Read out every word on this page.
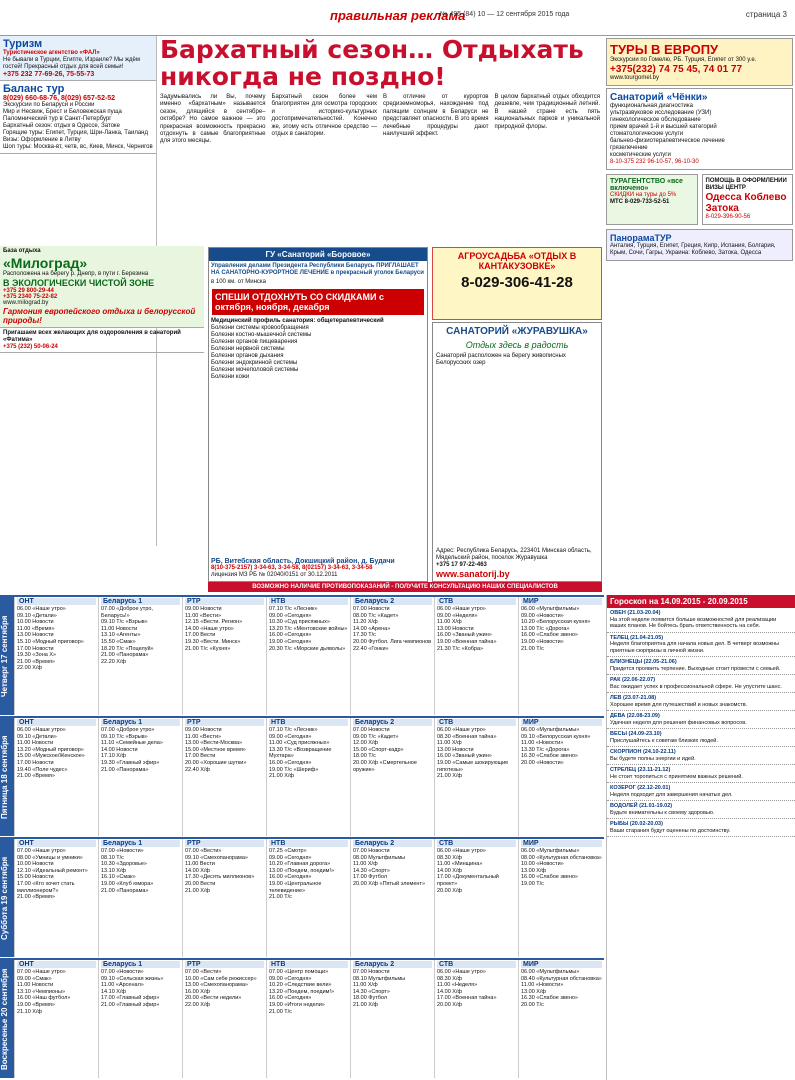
правильная реклама
№ 495 (84) 10 — 12 сентября 2015 года	страница 3
Туризм
Туристическое агентство «ФАЛ»
Не бывали в Турции, Египте, Израиле? Мы ждём гостей! Прекрасный отдых для всей семьи!
+375 232 77-69-26, 75-55-73
Баланс тур
8(029) 660-68-76, 8(029) 657-52-52
Экскурсии по Беларуси и России
Мир и Несвиж, Брест и Беловежская пуща
Паломнический тур в Санкт-Петербург
Бархатный сезон: отдых в Одессе, Затоке
Горящие туры: Египет, Турция, Шри-Ланка, Таиланд
Визы: Оформление в Литву
Шоп туры: Москва-вт, четв, вс, Киев, Минск, Чернигов
Бархатный сезон… Отдыхать никогда не поздно!

Задумывались ли Вы, почему именно «бархатным» называется сезон, длящийся в сентябре–октябре? Но самое важное — это прекрасная возможность прекрасно отдохнуть в самые благоприятные для этого месяцы.

Бархатный сезон более чем благоприятен для осмотра городских и историко-культурных достопримечательностей. Конечно же, этому есть отличное средство — отдых в санатории.

В отличие от курортов средиземноморья, нахождение под палящим солнцем в Беларуси не представляет опасности. В это время лечебные процедуры дают наилучший эффект.

В целом бархатный отдых обходится дешевле, чем традиционный летний. В нашей стране есть пять национальных парков и уникальной природной флоры.

ТУРЫ В ЕВРОПУ
Экскурсии по Гомелю, РБ. Турция, Египет от 300 у.е.
+375(232) 74 75 45, 74 01 77
www.tourgomel.by
Санаторий «Чёнки»
функциональная диагностика
ультразвуковое исследование (УЗИ)
гинекологическое обследование
прием врачей 1-й и высшей категорий
стоматологические услуги
бальнео-физиотерапевтическое лечение
грязелечение
косметические услуги
8-10-375 232 96-10-57, 96-10-30
ТУРАГЕНТСТВО «все включено»
СКИДКИ на туры до 5%
МТС 8-029-733-52-51
ПОМОЩЬ В ОФОРМЛЕНИИ ВИЗЫ ЦЕНТР
Одесса Коблево Затока
8-029-396-90-56
ПанорамаТУР
Анталия, Турция, Египет, Греция, Кипр, Испания, Болгария, Крым, Сочи, Гагры, Украина: Коблево, Затока, Одесса
База отдыха
«Милоград»
Расположена на берегу р. Днепр, в пути г. Березина
В ЭКОЛОГИЧЕСКИ ЧИСТОЙ ЗОНЕ
+375 29 800-29-44
+375 2340 75-22-82
www.milograd.by
Гармония европейского отдыха и белорусской природы!
Пригашаем всех желающих для оздоровления в санаторий «Фатима»
+375 (232) 50-06-24
ГУ «Санаторий «Боровое»
Управления делами Президента Республики Беларусь ПРИГЛАШАЕТ НА САНАТОРНО-КУРОРТНОЕ ЛЕЧЕНИЕ в прекрасный уголок Беларуси
в 100 км. от Минска
СПЕШИ ОТДОХНУТЬ СО СКИДКАМИ с октября, ноября, декабря
Медицинский профиль санатория: общетерапевтический
Болезни системы кровообращения
Болезни костно-мышечной системы
Болезни органов пищеварения
Болезни нервной системы
Болезни органов дыхания
Болезни эндокринной системы
Болезни мочеполовой системы
Болезни кожи
РБ, Витебская область, Докшицкий район, д. Будачи
8(10-375-2157) 3-34-63, 3-34-58, 8(02157) 3-34-63, 3-34-58
лицензия МЗ РБ № 02040/0151 от 30.12.2011
АГРОУСАДЬБА «ОТДЫХ В КАНТАКУЗОВКЕ»
8-029-306-41-28
САНАТОРИЙ «ЖУРАВУШКА»
Отдых здесь в радость
Санаторий расположен на берегу живописных Белорусских озер
Адрес: Республика Беларусь, 223401 Минская область, Мядельский район, поселок Журавушка
+375 17 97-22-463
www.sanatorij.by
ВОЗМОЖНО НАЛИЧИЕ ПРОТИВОПОКАЗАНИЙ - ПОЛУЧИТЕ КОНСУЛЬТАЦИЮ НАШИХ СПЕЦИАЛИСТОВ
Четверг 17 сентября
ОНТ
06.00 «Наше утро»
09.10 «Детали»
10.00 Новости
11.00 «Время»
13.00 Новости
15.10 «Модный приговор»
17.00 Новости
19.30 «Зона X»
21.00 «Время»
22.00 Х/ф
Беларусь 1
07.00 «Доброе утро, Беларусь!»
09.10 Т/с «Взрыв»
11.00 Новости
13.10 «Агенты»
15.50 «Смак»
18.20 Т/с «Поцелуй»
21.00 «Панорама»
22.20 Х/ф
РТР
09.00 Новости
11.00 «Вести»
12.15 «Вести. Регион»
14.00 «Наше утро»
17.00 Вести
19.30 «Вести. Минск»
21.00 Т/с «Кухня»
НТВ
07.10 Т/с «Лесник»
09.00 «Сегодня»
10.30 «Суд присяжных»
13.20 Т/с «Ментовские войны»
16.00 «Сегодня»
19.00 «Сегодня»
20.30 Т/с «Морские дьяволы»
Беларусь 2
07.00 Новости
08.00 Т/с «Кадет»
11.20 Х/ф
14.00 «Арена»
17.30 Т/с
20.00 Футбол. Лига чемпионов
22.40 «Гонки»
СТВ
06.00 «Наше утро»
09.00 «Неделя»
11.00 Х/ф
13.00 Новости
16.00 «Званый ужин»
19.00 «Военная тайна»
21.30 Т/с «Кобра»
МИР
06.00 «Мультфильмы»
09.00 «Новости»
10.20 «Белорусская кухня»
13.00 Т/с «Дорога»
16.00 «Слабое звено»
19.00 «Новости»
21.00 Т/с
Пятница 18 сентября
ОНТ
06.00 «Наше утро»
09.10 «Детали»
11.00 Новости
13.20 «Модный приговор»
15.00 «Мужское/Женское»
17.00 Новости
19.40 «Поле чудес»
21.00 «Время»
Беларусь 1
07.00 «Доброе утро»
09.10 Т/с «Взрыв»
11.10 «Семейные дела»
14.00 Новости
17.10 Х/ф
19.30 «Главный эфир»
21.00 «Панорама»
РТР
09.00 Новости
11.00 «Вести»
13.00 «Вести-Москва»
15.00 «Местное время»
17.00 Вести
20.00 «Хорошие шутки»
22.40 Х/ф
НТВ
07.10 Т/с «Лесник»
09.00 «Сегодня»
11.00 «Суд присяжных»
13.30 Т/с «Возвращение Мухтара»
16.00 «Сегодня»
19.00 Т/с «Шериф»
21.00 Х/ф
Беларусь 2
07.00 Новости
09.00 Т/с «Кадет»
12.00 Х/ф
15.00 «Спорт-кадр»
18.00 Т/с
20.00 Х/ф «Смертельное оружие»
СТВ
06.00 «Наше утро»
08.30 «Военная тайна»
11.00 Х/ф
13.00 Новости
16.00 «Званый ужин»
19.00 «Самые шокирующие гипотезы»
21.00 Х/ф
МИР
06.00 «Мультфильмы»
09.10 «Белорусская кухня»
11.00 «Новости»
13.30 Т/с «Дорога»
16.30 «Слабое звено»
20.00 «Новости»
Суббота 19 сентября
ОНТ
07.00 «Наше утро»
08.00 «Умницы и умники»
10.00 Новости
12.10 «Идеальный ремонт»
15.00 Новости
17.00 «Кто хочет стать миллионером?»
21.00 «Время»
Беларусь 1
07.00 «Новости»
08.10 Т/с
10.30 «Здоровье»
13.10 Х/ф
16.10 «Смак»
19.00 «Клуб юмора»
21.00 «Панорама»
РТР
07.00 «Вести»
09.10 «Смехопанорама»
11.00 Вести
14.00 Х/ф
17.30 «Десять миллионов»
20.00 Вести
21.00 Х/ф
НТВ
07.25 «Смотр»
09.00 «Сегодня»
10.20 «Главная дорога»
13.00 «Поедем, поедим!»
16.00 «Сегодня»
19.00 «Центральное телевидение»
21.00 Т/с
Беларусь 2
07.00 Новости
08.00 Мультфильмы
11.00 Х/ф
14.30 «Спорт»
17.00 Футбол
20.00 Х/ф «Пятый элемент»
СТВ
06.00 «Наше утро»
08.30 Х/ф
11.00 «Минщина»
14.00 Х/ф
17.00 «Документальный проект»
20.00 Х/ф
МИР
06.00 «Мультфильмы»
08.00 «Культурная обстановка»
10.00 «Новости»
13.00 Х/ф
16.00 «Слабое звено»
19.00 Т/с
Воскресенье 20 сентября
ОНТ
07.00 «Наше утро»
09.00 «Смак»
11.00 Новости
13.10 «Чемпионы»
16.00 «Наш футбол»
19.00 «Время»
21.10 Х/ф
Беларусь 1
07.00 «Новости»
09.10 «Сельская жизнь»
11.00 «Арсенал»
14.10 Х/ф
17.00 «Главный эфир»
21.00 «Главный эфир»
РТР
07.00 «Вести»
10.00 «Сам себе режиссер»
13.00 «Смехопанорама»
16.00 Х/ф
20.00 «Вести недели»
22.00 Х/ф
НТВ
07.00 «Центр помощи»
09.00 «Сегодня»
10.20 «Следствие вели»
13.20 «Поедем, поедим!»
16.00 «Сегодня»
19.00 «Итоги недели»
21.00 Т/с
Беларусь 2
07.00 Новости
08.10 Мультфильмы
11.00 Х/ф
14.30 «Спорт»
18.00 Футбол
21.00 Х/ф
СТВ
06.00 «Наше утро»
08.30 Х/ф
11.00 «Неделя»
14.00 Х/ф
17.00 «Военная тайна»
20.00 Х/ф
МИР
06.00 «Мультфильмы»
08.40 «Культурная обстановка»
11.00 «Новости»
13.00 Х/ф
16.30 «Слабое звено»
20.00 Т/с
Гороскоп на 14.09.2015 - 20.09.2015
ОВЕН (21.03-20.04)
На этой неделе появится больше возможностей для реализации ваших планов. Не бойтесь брать ответственность на себя.
ТЕЛЕЦ (21.04-21.05)
Неделя благоприятна для начала новых дел. В четверг возможны приятные сюрпризы в личной жизни.
БЛИЗНЕЦЫ (22.05-21.06)
Придется проявить терпение. Выходные стоит провести с семьей.
РАК (22.06-22.07)
Вас ожидает успех в профессиональной сфере. Не упустите шанс.
ЛЕВ (23.07-21.08)
Хорошее время для путешествий и новых знакомств.
ДЕВА (22.08-23.09)
Удачная неделя для решения финансовых вопросов.
ВЕСЫ (24.09-23.10)
Прислушайтесь к советам близких людей.
СКОРПИОН (24.10-22.11)
Вы будете полны энергии и идей.
СТРЕЛЕЦ (23.11-21.12)
Не стоит торопиться с принятием важных решений.
КОЗЕРОГ (22.12-20.01)
Неделя подходит для завершения начатых дел.
ВОДОЛЕЙ (21.01-19.02)
Будьте внимательны к своему здоровью.
РЫБЫ (20.02-20.03)
Ваши старания будут оценены по достоинству.
